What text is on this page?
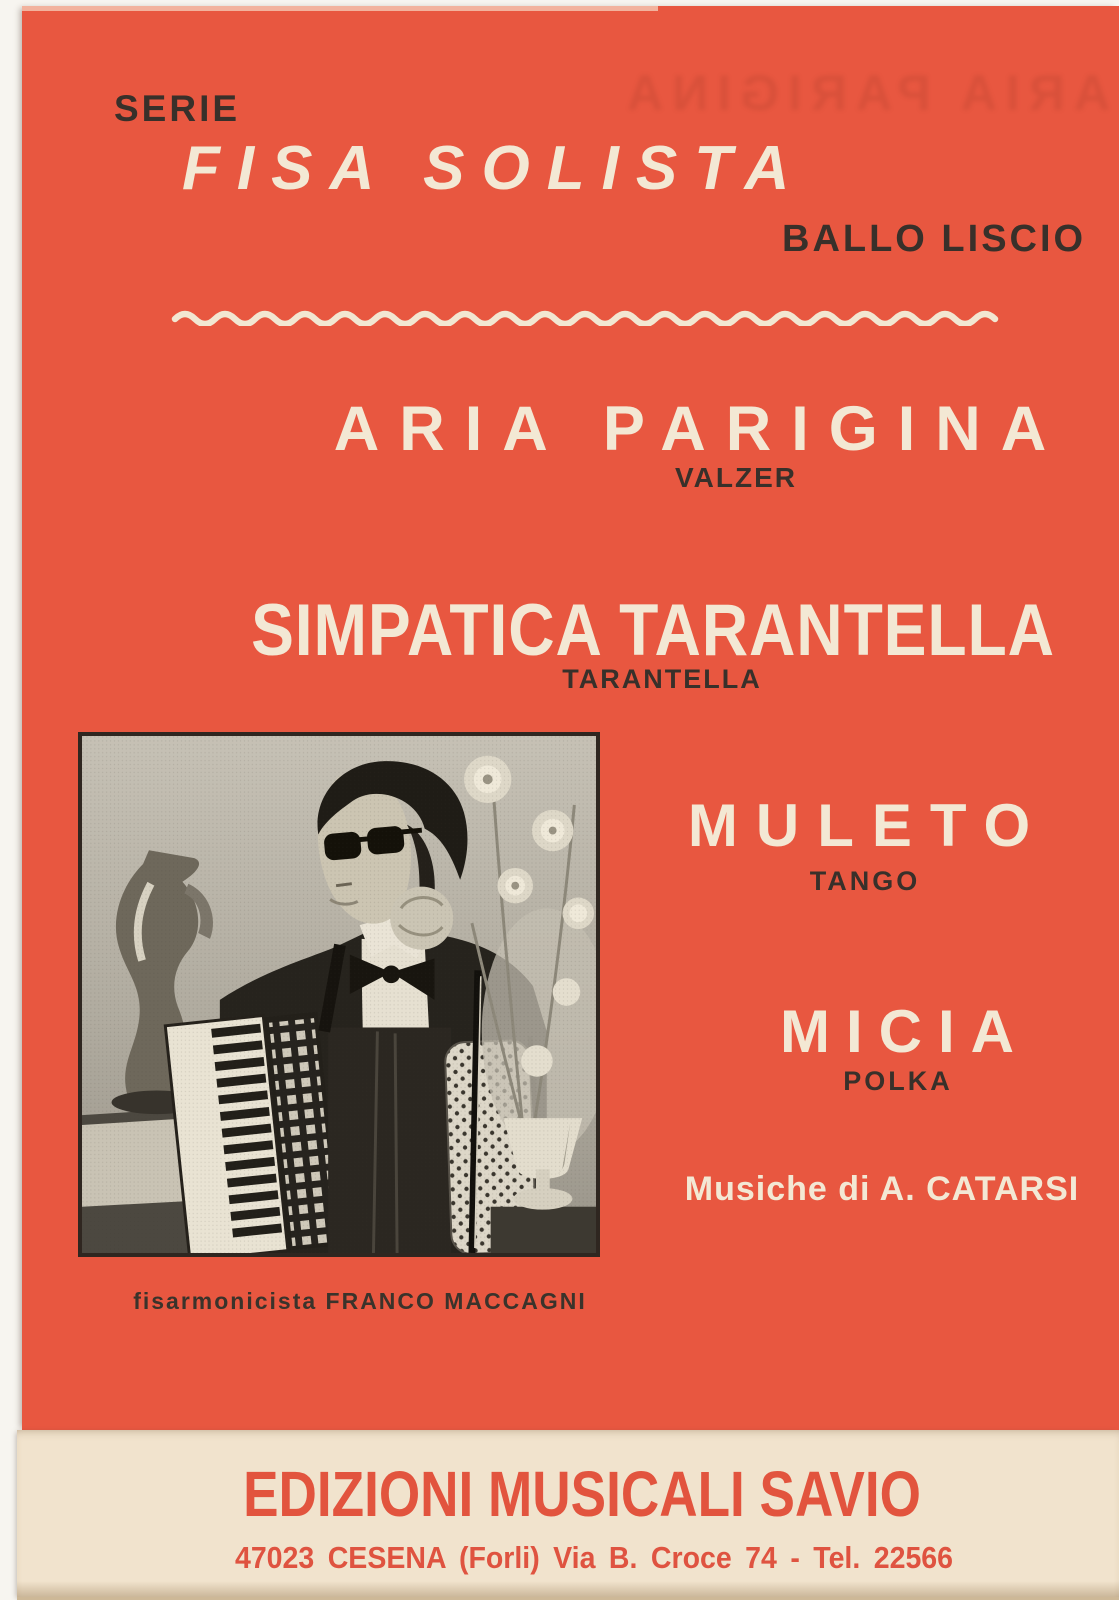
ARIA PARIGINA
SERIE
FISA SOLISTA
BALLO LISCIO
ARIA PARIGINA
VALZER
SIMPATICA TARANTELLA
TARANTELLA
MULETO
TANGO
MICIA
POLKA
Musiche di A. CATARSI
fisarmonicista FRANCO MACCAGNI
EDIZIONI MUSICALI SAVIO
47023 CESENA (Forli) Via B. Croce 74 - Tel. 22566
